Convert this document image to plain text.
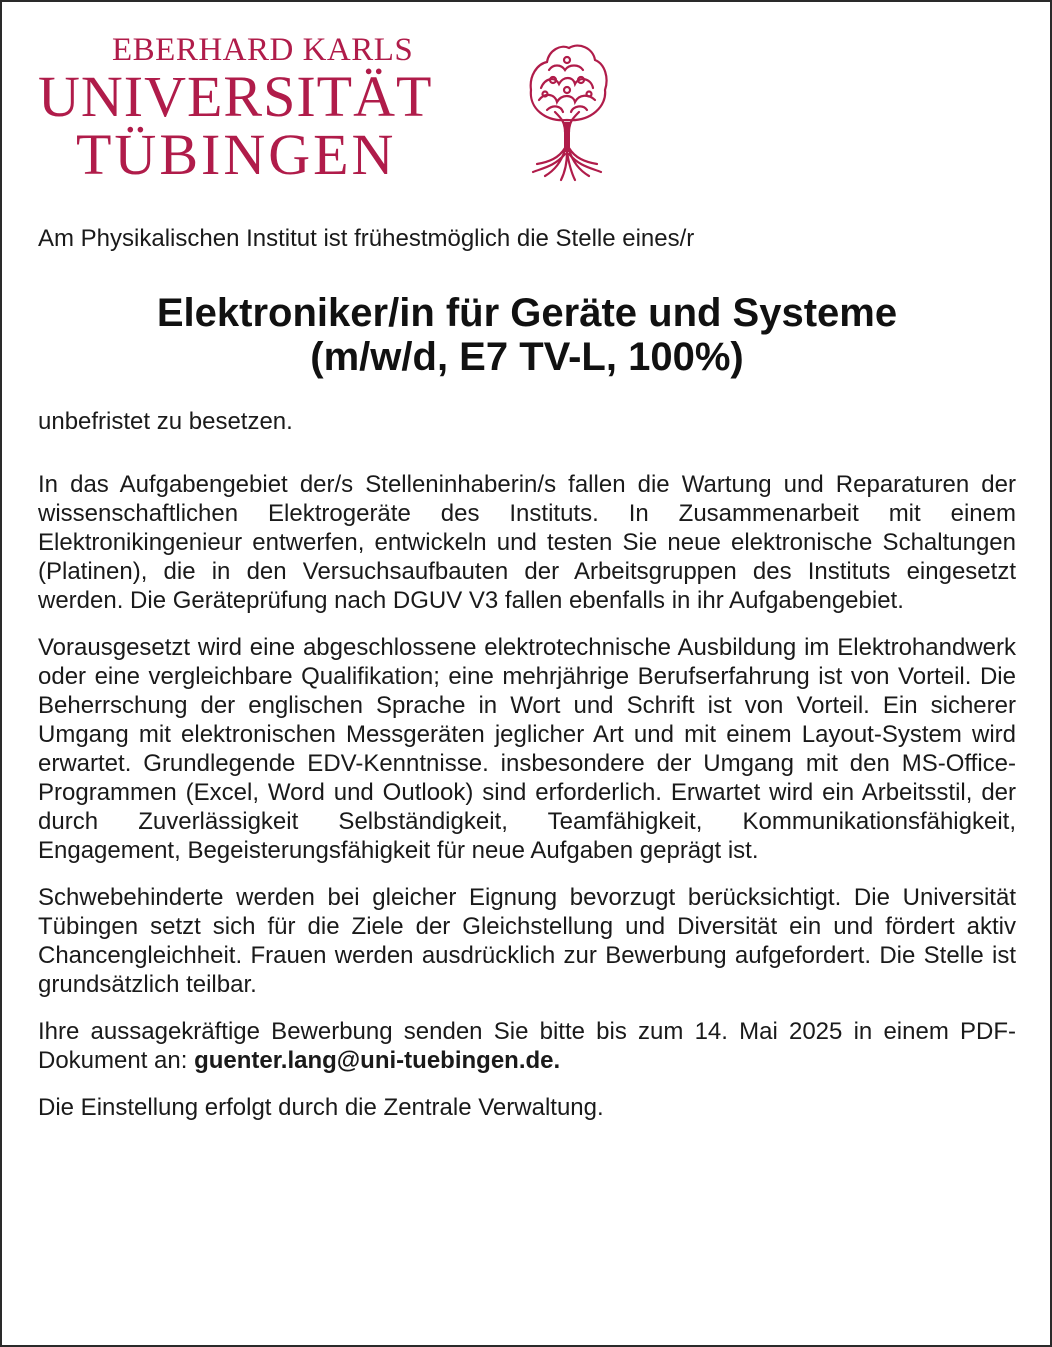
EBERHARD KARLS
UNIVERSITÄT
TÜBINGEN

Am Physikalischen Institut ist frühestmöglich die Stelle eines/r

Elektroniker/in für Geräte und Systeme
(m/w/d, E7 TV-L, 100%)

unbefristet zu besetzen.

In das Aufgabengebiet der/s Stelleninhaberin/s fallen die Wartung und Reparaturen der wissenschaftlichen Elektrogeräte des Instituts. In Zusammenarbeit mit einem Elektronikingenieur entwerfen, entwickeln und testen Sie neue elektronische Schaltungen (Platinen), die in den Versuchsaufbauten der Arbeitsgruppen des Instituts eingesetzt werden. Die Geräteprüfung nach DGUV V3 fallen ebenfalls in ihr Aufgabengebiet.

Vorausgesetzt wird eine abgeschlossene elektrotechnische Ausbildung im Elektrohandwerk oder eine vergleichbare Qualifikation; eine mehrjährige Berufserfahrung ist von Vorteil. Die Beherrschung der englischen Sprache in Wort und Schrift ist von Vorteil. Ein sicherer Umgang mit elektronischen Messgeräten jeglicher Art und mit einem Layout-System wird erwartet. Grundlegende EDV-Kenntnisse. insbesondere der Umgang mit den MS-Office-Programmen (Excel, Word und Outlook) sind erforderlich. Erwartet wird ein Arbeitsstil, der durch Zuverlässigkeit Selbständigkeit, Teamfähigkeit, Kommunikationsfähigkeit, Engagement, Begeisterungsfähigkeit für neue Aufgaben geprägt ist.

Schwebehinderte werden bei gleicher Eignung bevorzugt berücksichtigt. Die Universität Tübingen setzt sich für die Ziele der Gleichstellung und Diversität ein und fördert aktiv Chancengleichheit. Frauen werden ausdrücklich zur Bewerbung aufgefordert. Die Stelle ist grundsätzlich teilbar.

Ihre aussagekräftige Bewerbung senden Sie bitte bis zum 14. Mai 2025 in einem PDF-Dokument an: guenter.lang@uni-tuebingen.de.

Die Einstellung erfolgt durch die Zentrale Verwaltung.
